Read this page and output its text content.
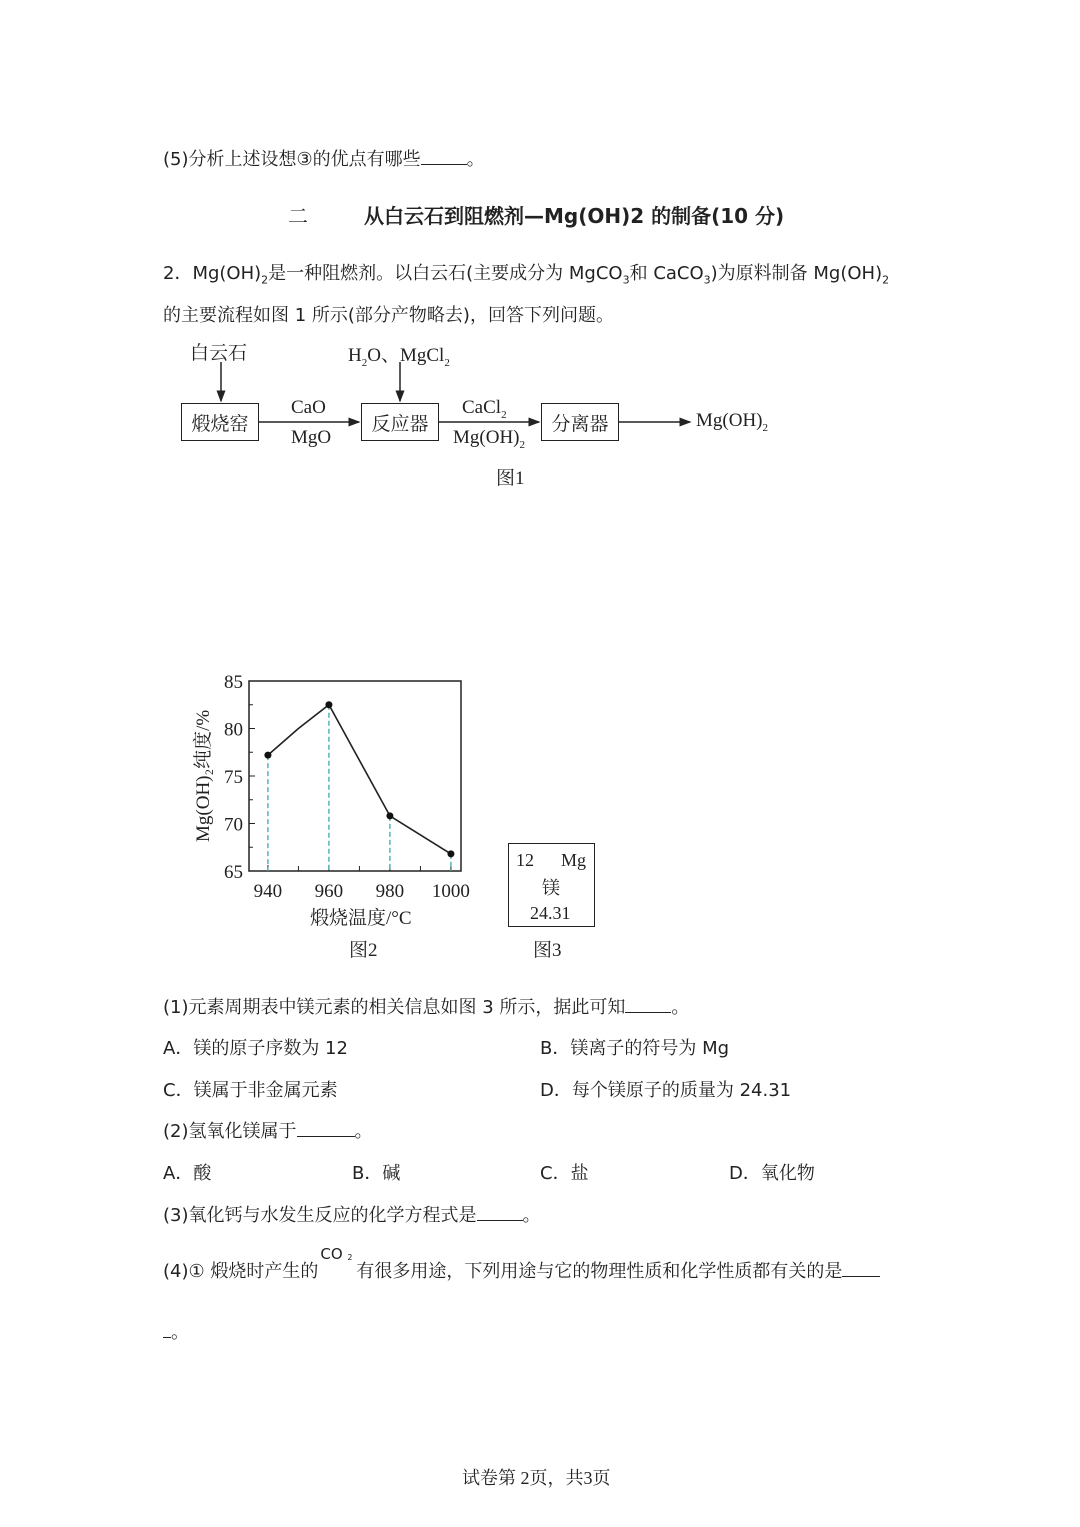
(5)分析上述设想③的优点有哪些	。
二	从白云石到阻燃剂—Mg(OH)2 的制备(10 分)
2．$Mg(OH)_2$是一种阻燃剂。以白云石(主要成分为 MgCO$_3$和 CaCO$_3$)为原料制备 $Mg(OH)_2$
的主要流程如图 1 所示(部分产物略去)，回答下列问题。
白云石	$H_2O$、MgCl$_2$
煅烧窑	反应器	分离器
CaO
MgO
CaCl$_2$
$Mg(OH)_2$
$Mg(OH)_2$
图1
65
70
75
80
85
940 960 980 1000
煅烧温度/°C
Mg(OH)₂纯度/%
图2
12 Mg
镁
24.31
图3
(1)元素周期表中镁元素的相关信息如图 3 所示，据此可知	。
A．镁的原子序数为 12	B．镁离子的符号为 Mg
C．镁属于非金属元素	D．每个镁原子的质量为 24.31
(2)氢氧化镁属于	。
A．酸	B．碱	C．盐	D．氧化物
(3)氧化钙与水发生反应的化学方程式是	。
(4)① 煅烧时产生的
CO 2
有很多用途，下列用途与它的物理性质和化学性质都有关的是
。
试卷第 2页，共3页
